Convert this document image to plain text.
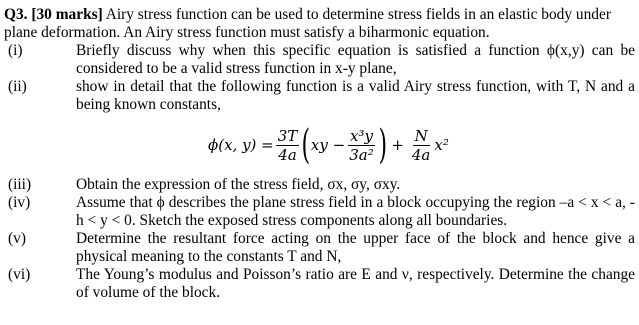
Q3. [30 marks] Airy stress function can be used to determine stress fields in an elastic body under plane deformation. An Airy stress function must satisfy a biharmonic equation.

(i)	Briefly discuss why when this specific equation is satisfied a function ϕ(x,y) can be considered to be a valid stress function in x-y plane,
(ii)	show in detail that the following function is a valid Airy stress function, with T, N and a being known constants,
ϕ(x, $y) = \frac{3T}{4a}$ ( xy − $\frac{\text{x³y}}{\text{3a²}}$ ) + $\frac{N}{4a} x^2$
(iii)	Obtain the expression of the stress field, σx, σy, σxy.
(iv)	Assume that ϕ describes the plane stress field in a block occupying the region –a < x < a, -h < y < 0. Sketch the exposed stress components along all boundaries.
(v)	Determine the resultant force acting on the upper face of the block and hence give a physical meaning to the constants T and N,
(vi)	The Young’s modulus and Poisson’s ratio are E and ν, respectively. Determine the change of volume of the block.
